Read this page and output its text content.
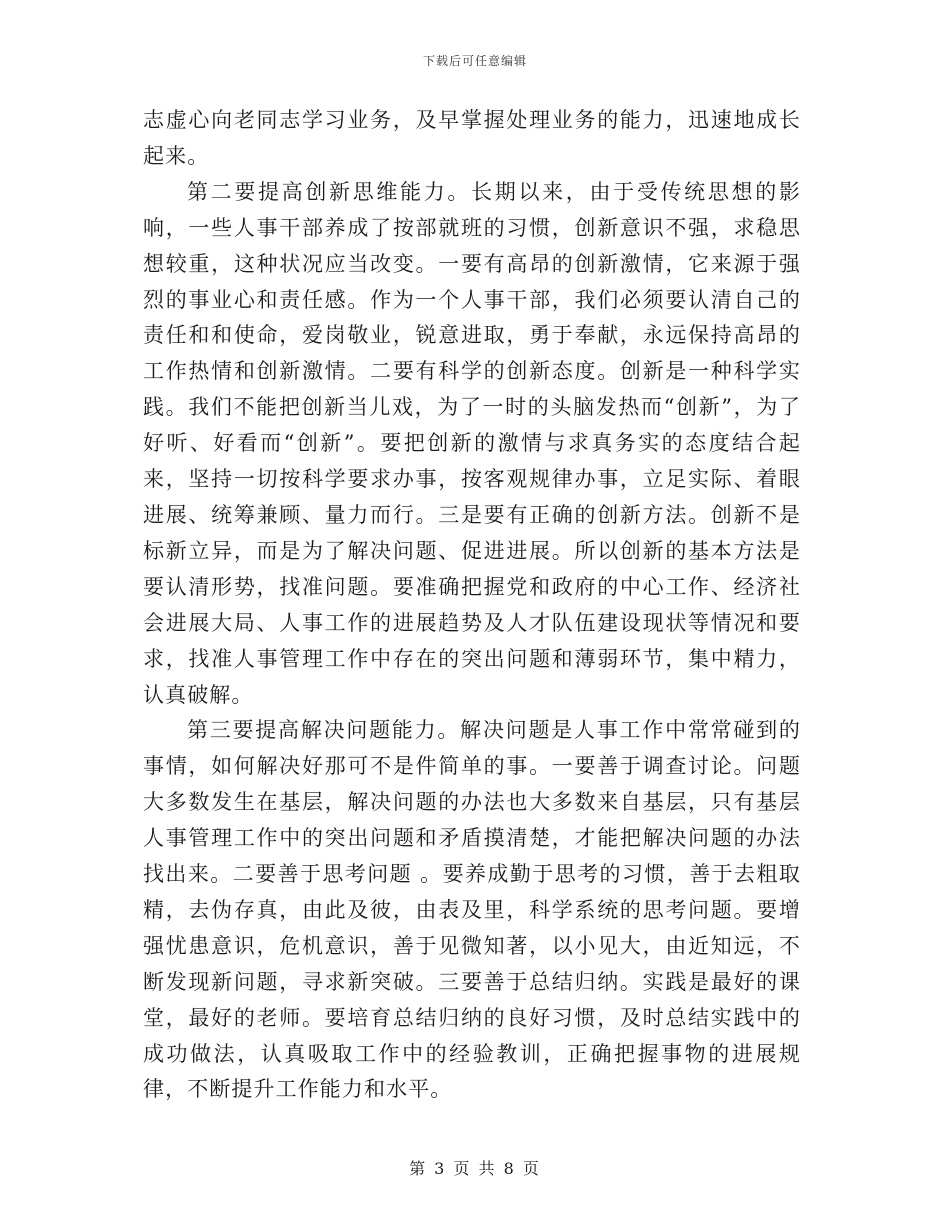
下载后可任意编辑

志虚心向老同志学习业务，及早掌握处理业务的能力，迅速地成长起来。

第二要提高创新思维能力。长期以来，由于受传统思想的影响，一些人事干部养成了按部就班的习惯，创新意识不强，求稳思想较重，这种状况应当改变。一要有高昂的创新激情，它来源于强烈的事业心和责任感。作为一个人事干部，我们必须要认清自己的责任和和使命，爱岗敬业，锐意进取，勇于奉献，永远保持高昂的工作热情和创新激情。二要有科学的创新态度。创新是一种科学实践。我们不能把创新当儿戏，为了一时的头脑发热而“创新”，为了好听、好看而“创新”。要把创新的激情与求真务实的态度结合起来，坚持一切按科学要求办事，按客观规律办事，立足实际、着眼进展、统筹兼顾、量力而行。三是要有正确的创新方法。创新不是标新立异，而是为了解决问题、促进进展。所以创新的基本方法是要认清形势，找准问题。要准确把握党和政府的中心工作、经济社会进展大局、人事工作的进展趋势及人才队伍建设现状等情况和要求，找准人事管理工作中存在的突出问题和薄弱环节，集中精力，认真破解。

第三要提高解决问题能力。解决问题是人事工作中常常碰到的事情，如何解决好那可不是件简单的事。一要善于调查讨论。问题大多数发生在基层，解决问题的办法也大多数来自基层，只有基层人事管理工作中的突出问题和矛盾摸清楚，才能把解决问题的办法找出来。二要善于思考问题 。要养成勤于思考的习惯，善于去粗取精，去伪存真，由此及彼，由表及里，科学系统的思考问题。要增强忧患意识，危机意识，善于见微知著，以小见大，由近知远，不断发现新问题，寻求新突破。三要善于总结归纳。实践是最好的课堂，最好的老师。要培育总结归纳的良好习惯，及时总结实践中的成功做法，认真吸取工作中的经验教训，正确把握事物的进展规律，不断提升工作能力和水平。

第 3 页 共 8 页
